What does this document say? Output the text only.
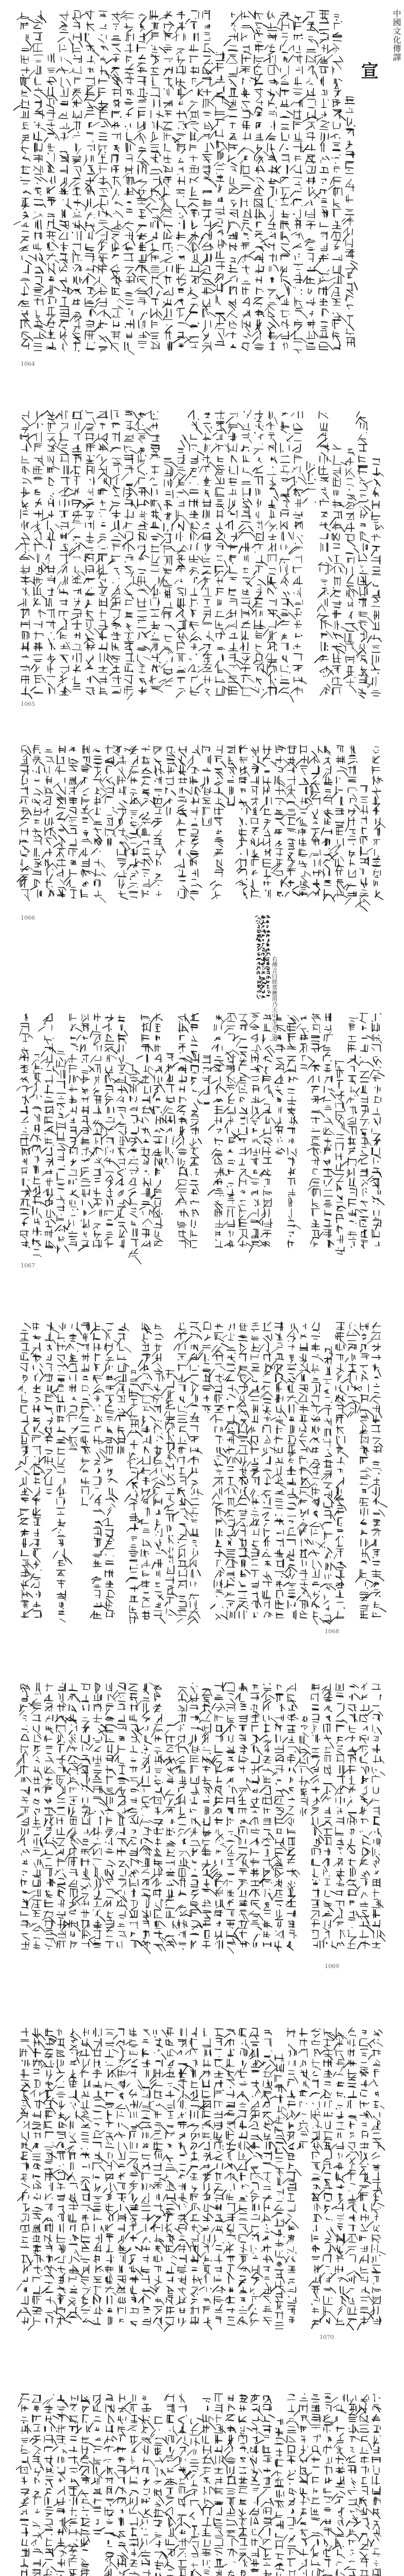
中國文化傳譯
宣
右傳言曰經常應用乃大中至正之道
1064
1065
1066
1067
1068
1069
1070
